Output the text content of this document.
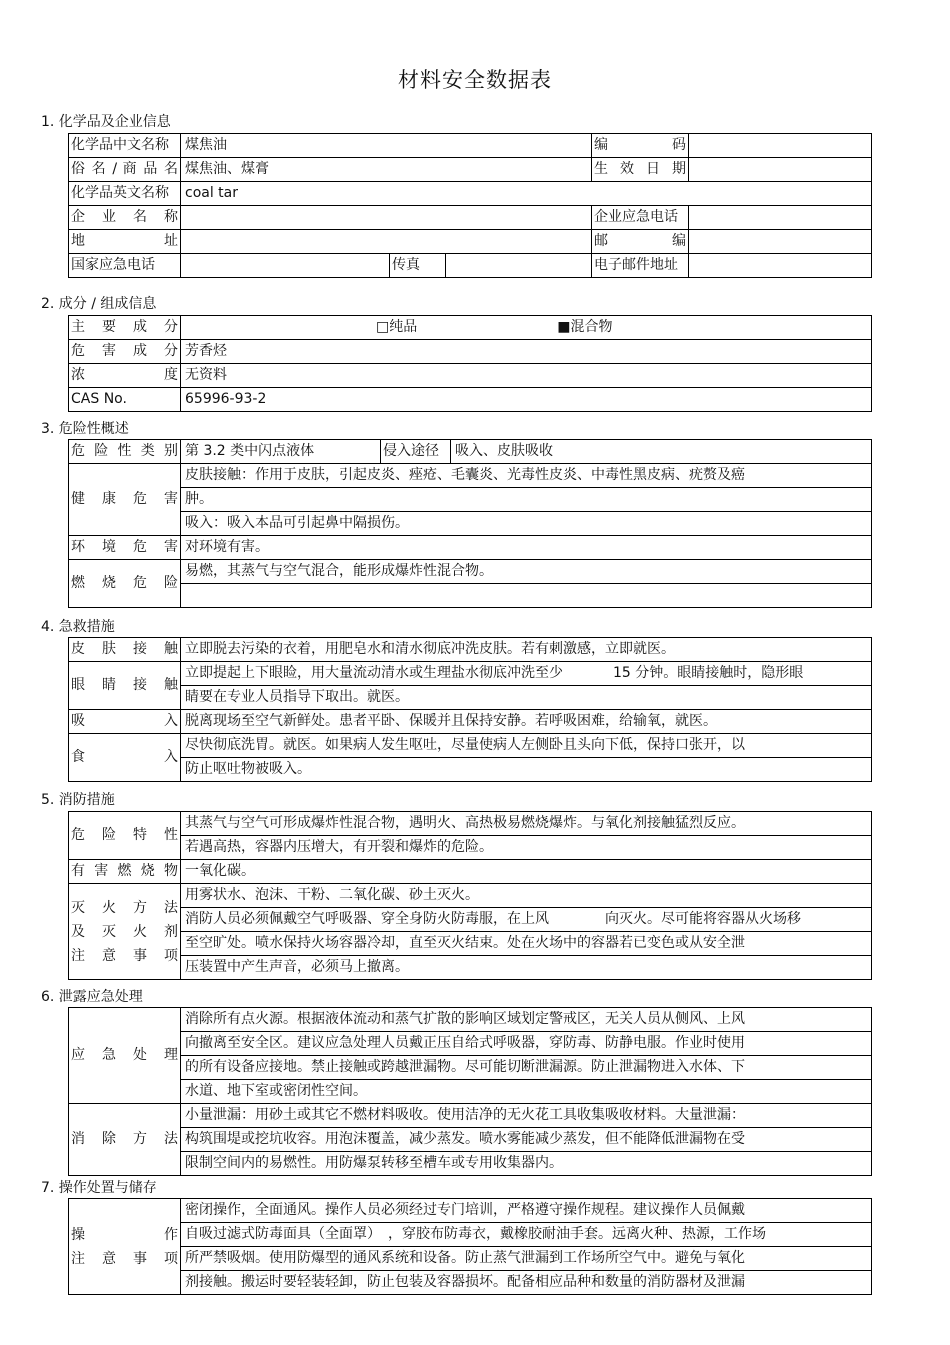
材料安全数据表
1. 化学品及企业信息
化学品中文名称	煤焦油			编　　码	
俗 名 / 商 品 名	煤焦油、煤膏			生 效 日 期	
化学品英文名称	coal tar				
企 业 名 称				企业应急电话	
地　　址				邮　　编	
国家应急电话		传真		电子邮件地址	
2. 成分 / 组成信息
主 要 成 分	□纯品 ■混合物
危 害 成 分	芳香烃
浓　　度	无资料
CAS No.	65996-93-2
3. 危险性概述
危 险 性 类 别	第 3.2 类中闪点液体	侵入途径	吸入、皮肤吸收
健 康 危 害	皮肤接触：作用于皮肤，引起皮炎、痤疮、毛囊炎、光毒性皮炎、中毒性黑皮病、疣赘及癌		
	肿。		
	吸入：吸入本品可引起鼻中隔损伤。		
环 境 危 害	对环境有害。		
燃 烧 危 险	易燃，其蒸气与空气混合，能形成爆炸性混合物。		

4. 急救措施
皮 肤 接 触	立即脱去污染的衣着，用肥皂水和清水彻底冲洗皮肤。若有刺激感，立即就医。
眼 睛 接 触	立即提起上下眼睑，用大量流动清水或生理盐水彻底冲洗至少 15 分钟。眼睛接触时，隐形眼
	睛要在专业人员指导下取出。就医。
吸　　入	脱离现场至空气新鲜处。患者平卧、保暖并且保持安静。若呼吸困难，给输氧，就医。
食　　入	尽快彻底洗胃。就医。如果病人发生呕吐，尽量使病人左侧卧且头向下低，保持口张开，以
	防止呕吐物被吸入。
5. 消防措施
危 险 特 性	其蒸气与空气可形成爆炸性混合物，遇明火、高热极易燃烧爆炸。与氧化剂接触猛烈反应。
	若遇高热，容器内压增大，有开裂和爆炸的危险。
有 害 燃 烧 物	一氧化碳。

灭 火 方 法
及 灭 火 剂
注 意 事 项	用雾状水、泡沫、干粉、二氧化碳、砂土灭火。
	消防人员必须佩戴空气呼吸器、穿全身防火防毒服，在上风 向灭火。尽可能将容器从火场移
	至空旷处。喷水保持火场容器冷却，直至灭火结束。处在火场中的容器若已变色或从安全泄
	压装置中产生声音，必须马上撤离。
6. 泄露应急处理
应 急 处 理	消除所有点火源。根据液体流动和蒸气扩散的影响区域划定警戒区，无关人员从侧风、上风
	向撤离至安全区。建议应急处理人员戴正压自给式呼吸器，穿防毒、防静电服。作业时使用
	的所有设备应接地。禁止接触或跨越泄漏物。尽可能切断泄漏源。防止泄漏物进入水体、下
	水道、地下室或密闭性空间。
消 除 方 法	小量泄漏：用砂土或其它不燃材料吸收。使用洁净的无火花工具收集吸收材料。大量泄漏：
	构筑围堤或挖坑收容。用泡沫覆盖，减少蒸发。喷水雾能减少蒸发，但不能降低泄漏物在受
	限制空间内的易燃性。用防爆泵转移至槽车或专用收集器内。
7. 操作处置与储存
操　　作
注 意 事 项
	密闭操作，全面通风。操作人员必须经过专门培训，严格遵守操作规程。建议操作人员佩戴
自吸过滤式防毒面具（全面罩）　，穿胶布防毒衣，戴橡胶耐油手套。远离火种、热源，工作场
所严禁吸烟。使用防爆型的通风系统和设备。防止蒸气泄漏到工作场所空气中。避免与氧化
剂接触。搬运时要轻装轻卸，防止包装及容器损坏。配备相应品种和数量的消防器材及泄漏
